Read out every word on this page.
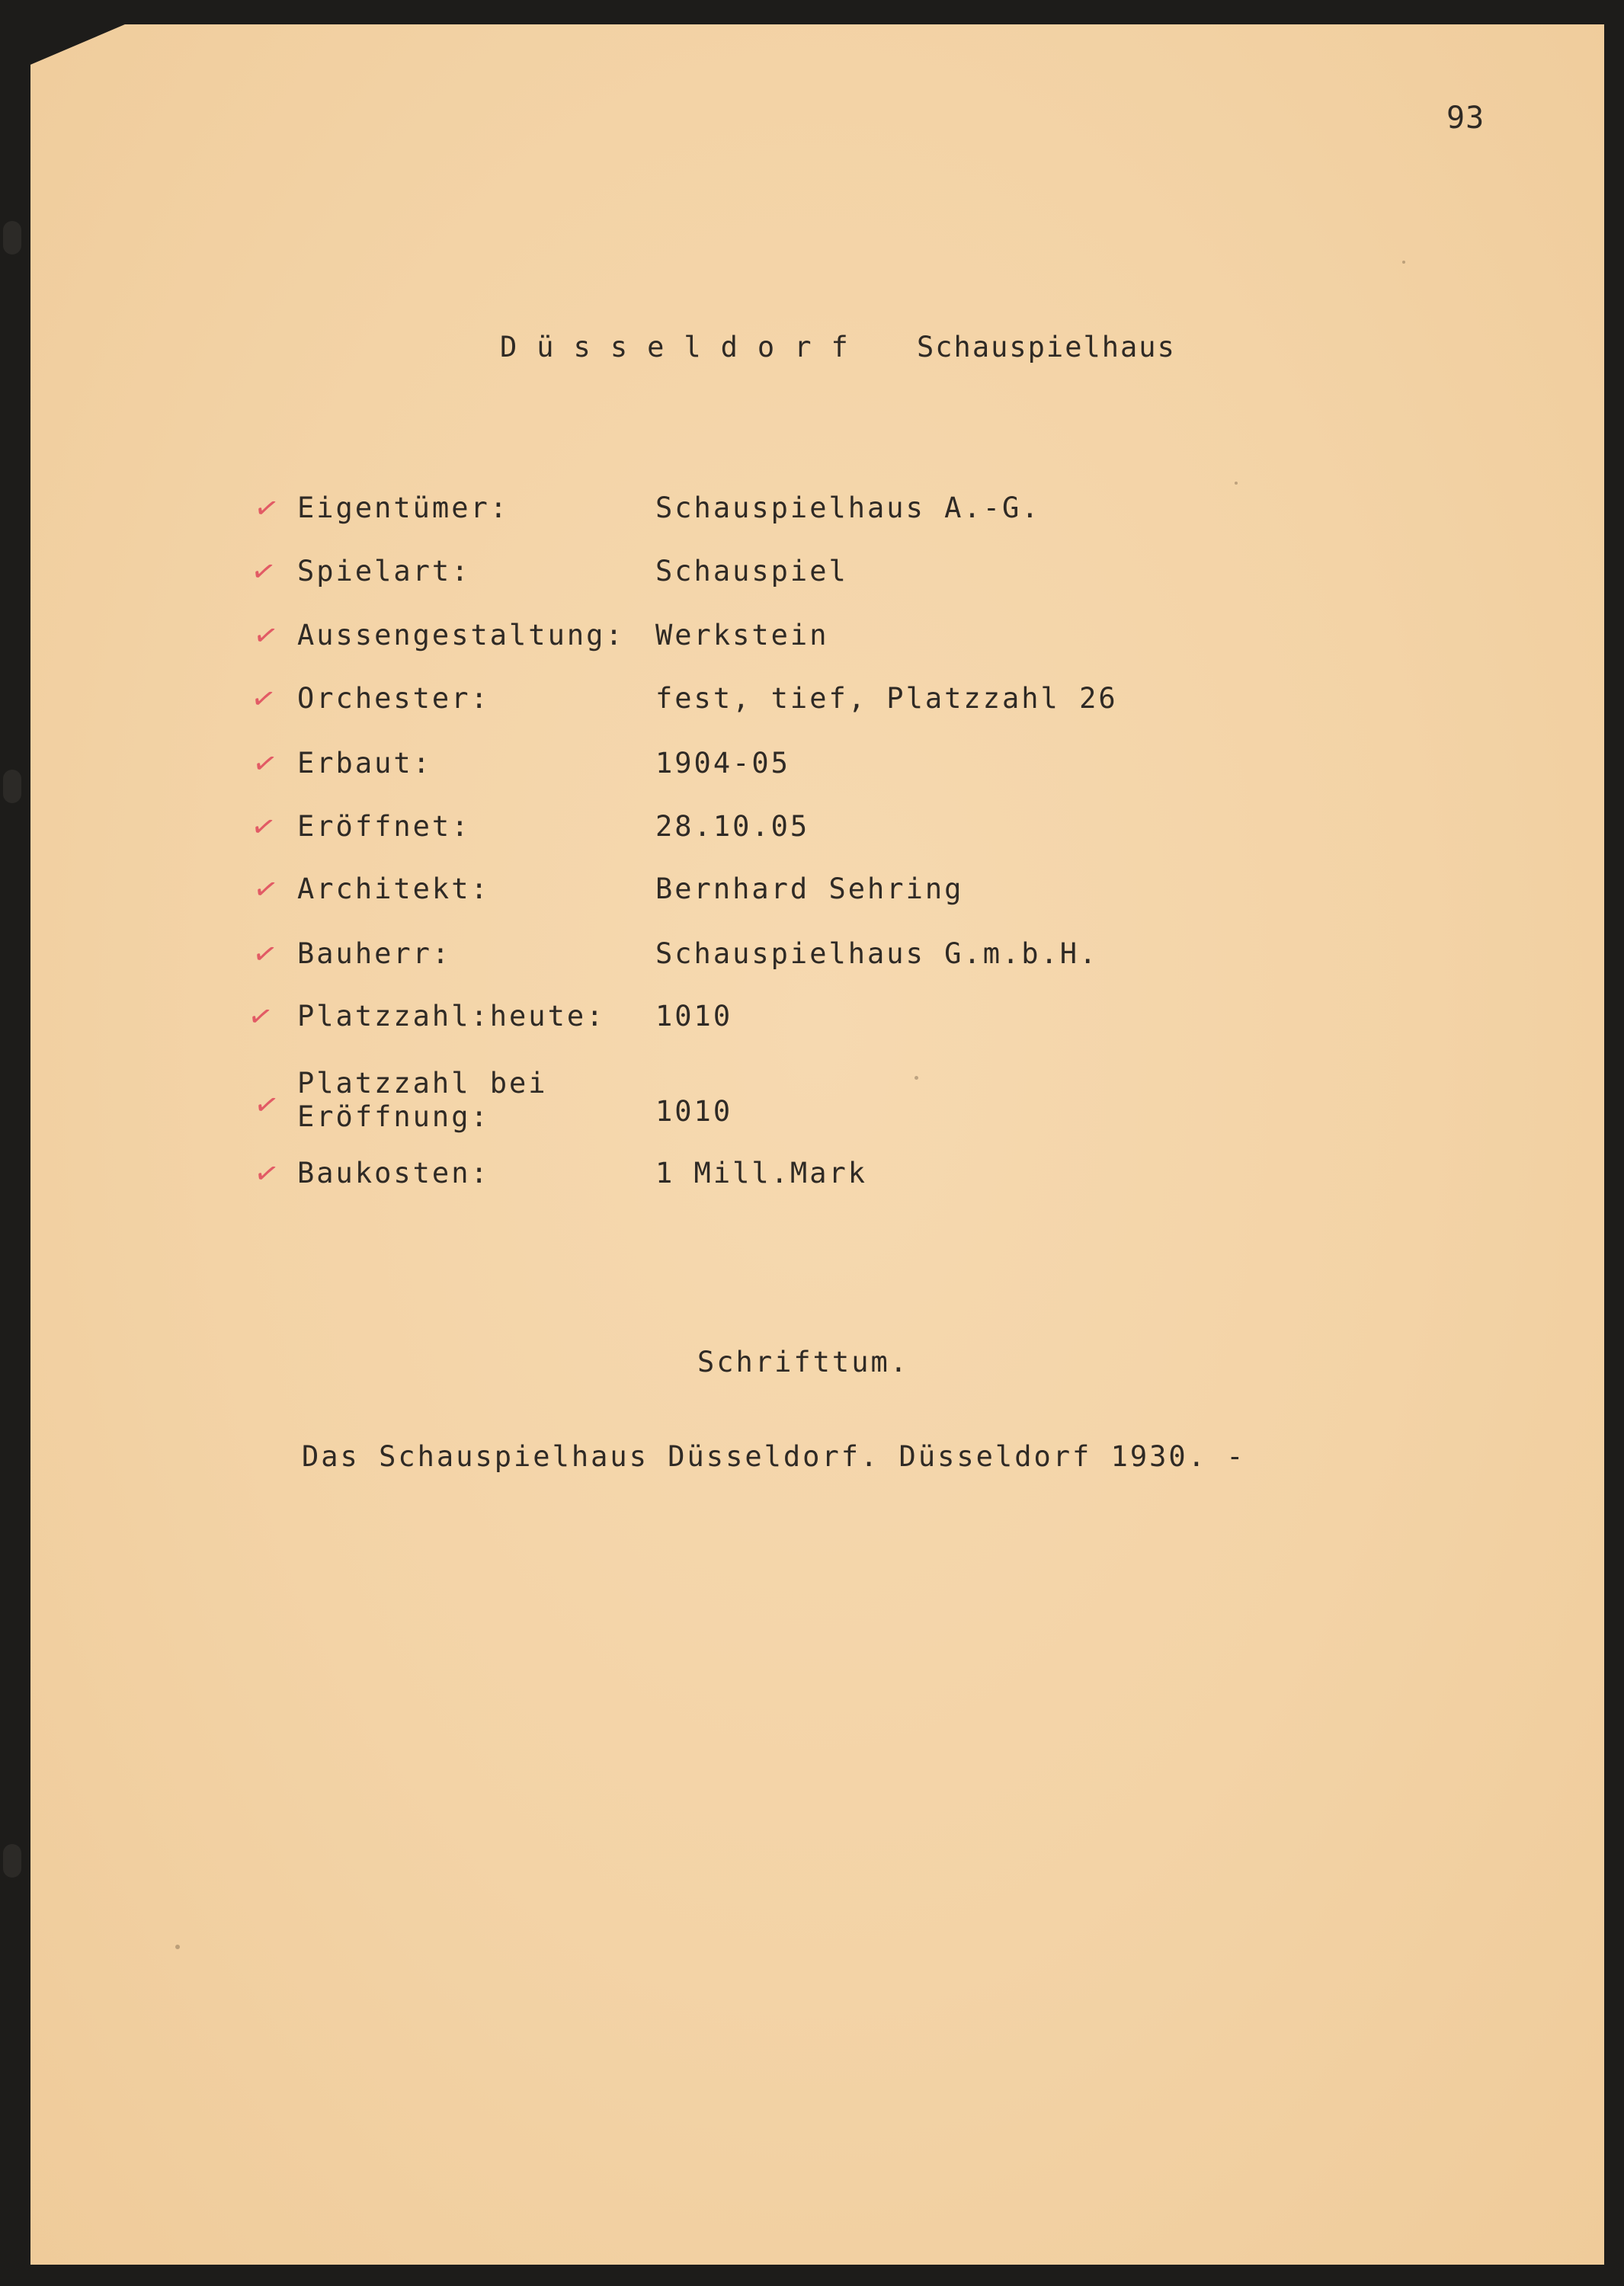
93
Düsseldorf Schauspielhaus
✓ Eigentümer:	Schauspielhaus A.-G.
✓ Spielart:	Schauspiel
✓ Aussengestaltung: Werkstein
✓ Orchester:	fest, tief, Platzzahl 26
✓ Erbaut:	1904-05
✓ Eröffnet:	28.10.05
✓ Architekt:	Bernhard Sehring
✓ Bauherr:	Schauspielhaus G.m.b.H.
✓ Platzzahl:heute: 1010
✓
Platzzahl bei
Eröffnung:	1010
✓ Baukosten:	1 Mill.Mark
Schrifttum.
Das Schauspielhaus Düsseldorf. Düsseldorf 1930. -
